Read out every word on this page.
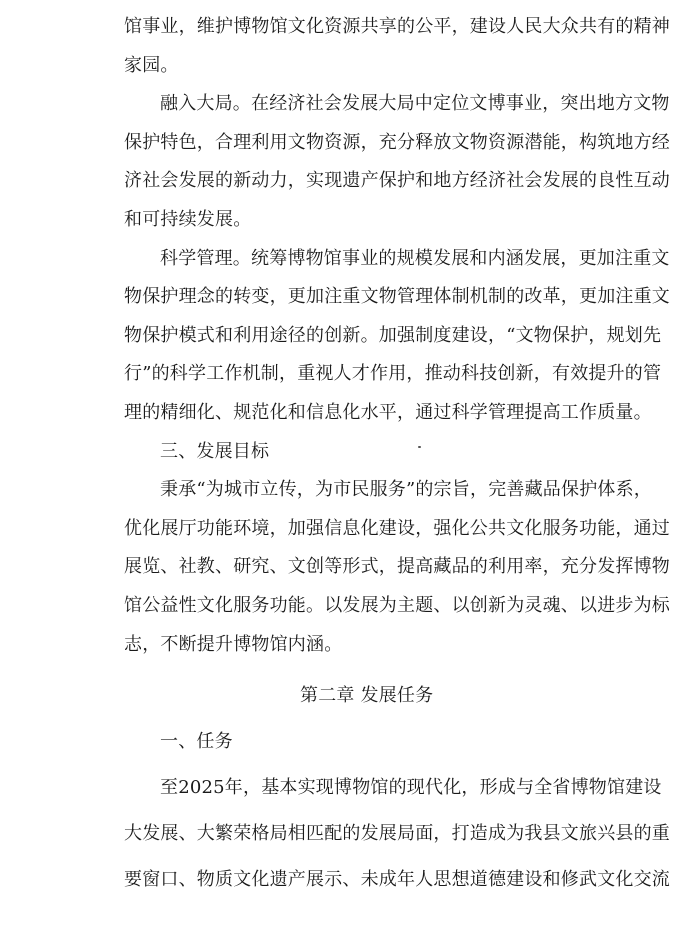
馆事业，维护博物馆文化资源共享的公平，建设人民大众共有的精神
家园。
融入大局。在经济社会发展大局中定位文博事业，突出地方文物
保护特色，合理利用文物资源，充分释放文物资源潜能，构筑地方经
济社会发展的新动力，实现遗产保护和地方经济社会发展的良性互动
和可持续发展。
科学管理。统筹博物馆事业的规模发展和内涵发展，更加注重文
物保护理念的转变，更加注重文物管理体制机制的改革，更加注重文
物保护模式和利用途径的创新。加强制度建设，“文物保护，规划先
行”的科学工作机制，重视人才作用，推动科技创新，有效提升的管
理的精细化、规范化和信息化水平，通过科学管理提高工作质量。
三、发展目标
秉承“为城市立传，为市民服务”的宗旨，完善藏品保护体系，
优化展厅功能环境，加强信息化建设，强化公共文化服务功能，通过
展览、社教、研究、文创等形式，提高藏品的利用率，充分发挥博物
馆公益性文化服务功能。以发展为主题、以创新为灵魂、以进步为标
志，不断提升博物馆内涵。
第二章 发展任务
一、任务
至2025年，基本实现博物馆的现代化，形成与全省博物馆建设
大发展、大繁荣格局相匹配的发展局面，打造成为我县文旅兴县的重
要窗口、物质文化遗产展示、未成年人思想道德建设和修武文化交流
